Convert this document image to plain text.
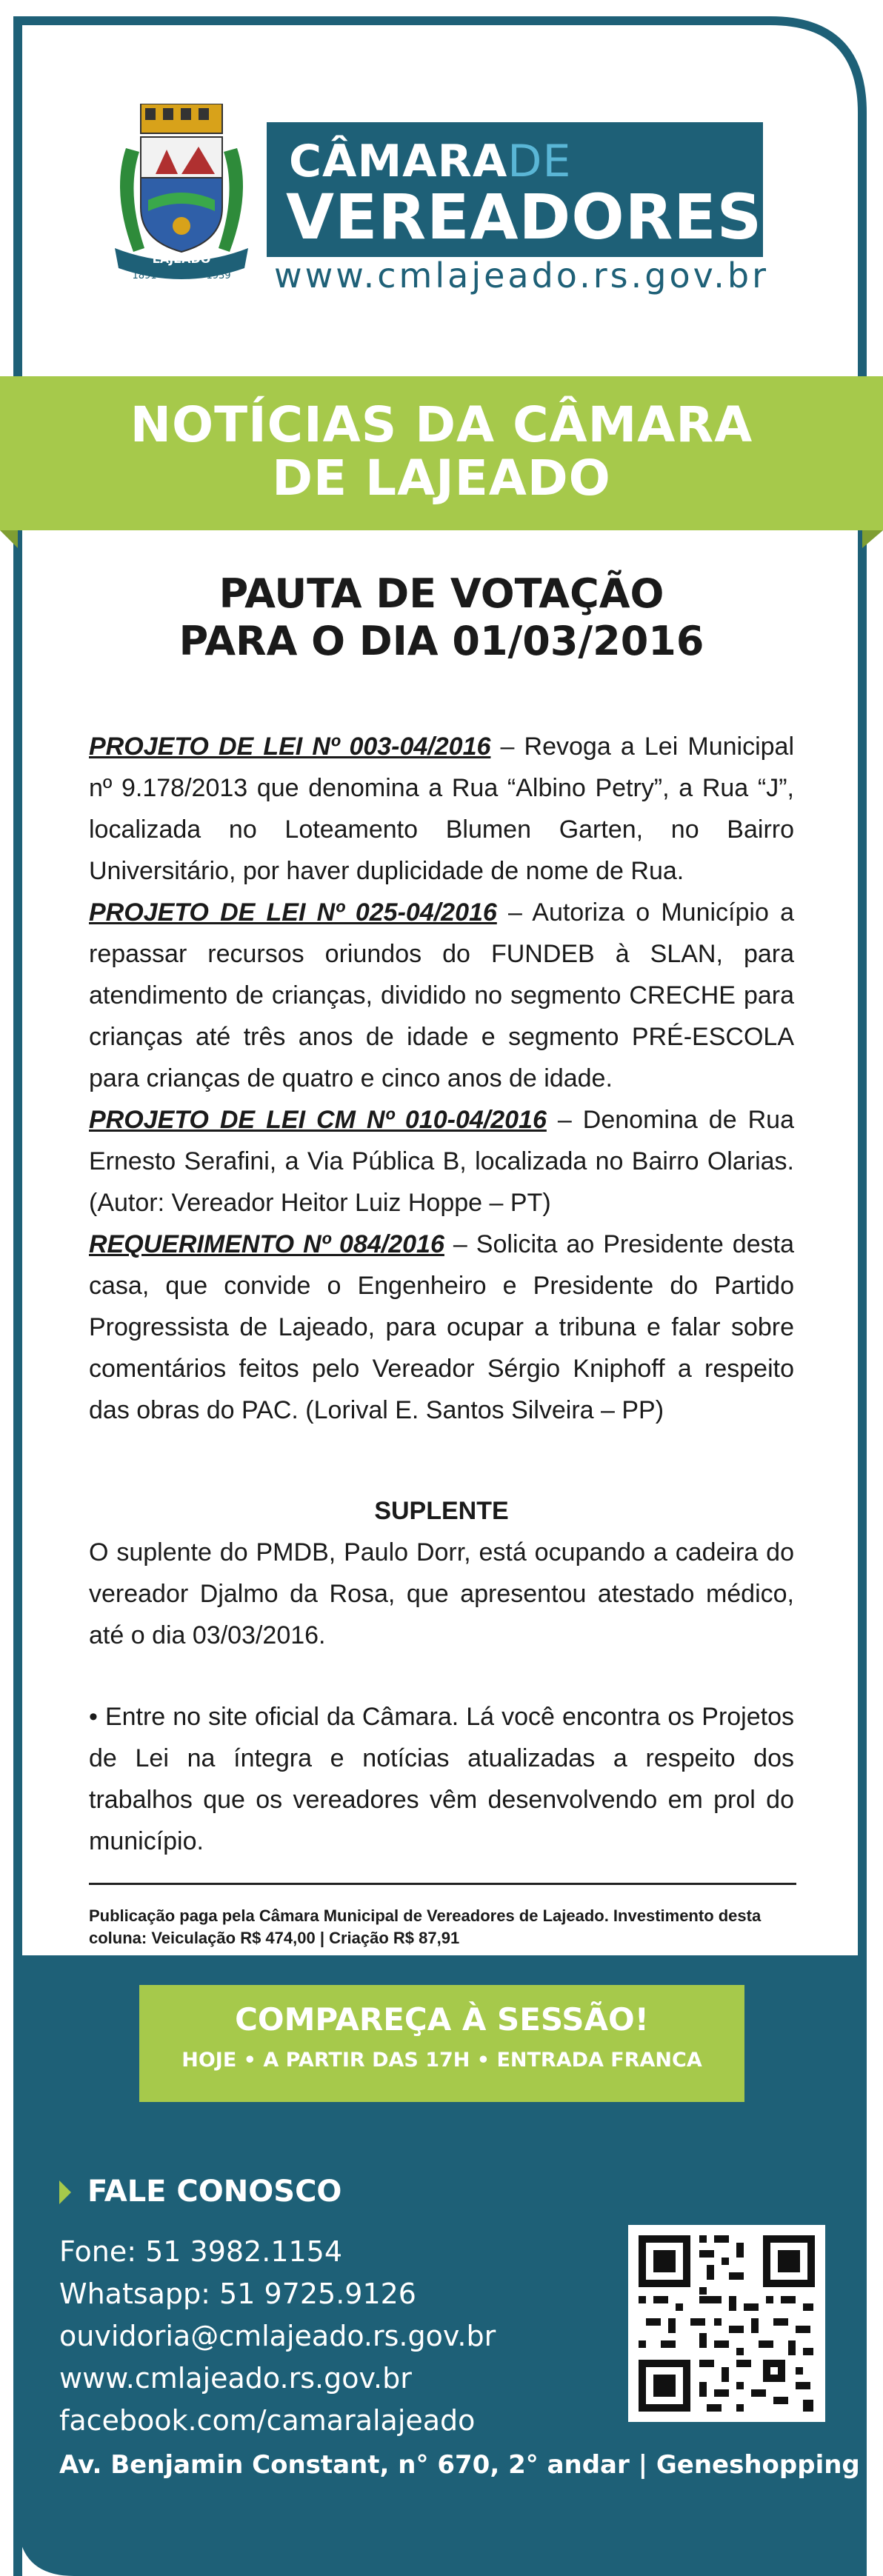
LAJEADO
1891	1939
CÂMARADE
VEREADORES
www.cmlajeado.rs.gov.br
NOTÍCIAS DA CÂMARA
DE LAJEADO
PAUTA DE VOTAÇÃO
PARA O DIA 01/03/2016

PROJETO DE LEI Nº 003-04/2016 – Revoga a Lei Municipal nº 9.178/2013 que denomina a Rua “Albino Petry”, a Rua “J”, localizada no Loteamento Blumen Garten, no Bairro Universitário, por haver duplicidade de nome de Rua.

PROJETO DE LEI Nº 025-04/2016 – Autoriza o Município a repassar recursos oriundos do FUNDEB à SLAN, para atendimento de crianças, dividido no segmento CRECHE para crianças até três anos de idade e segmento PRÉ-ESCOLA para crianças de quatro e cinco anos de idade.

PROJETO DE LEI CM Nº 010-04/2016 – Denomina de Rua Ernesto Serafini, a Via Pública B, localizada no Bairro Olarias. (Autor: Vereador Heitor Luiz Hoppe – PT)

REQUERIMENTO Nº 084/2016 – Solicita ao Presidente desta casa, que convide o Engenheiro e Presidente do Partido Progressista de Lajeado, para ocupar a tribuna e falar sobre comentários feitos pelo Vereador Sérgio Kniphoff a respeito das obras do PAC. (Lorival E. Santos Silveira – PP)

SUPLENTE

O suplente do PMDB, Paulo Dorr, está ocupando a cadeira do vereador Djalmo da Rosa, que apresentou atestado médico, até o dia 03/03/2016.

• Entre no site oficial da Câmara. Lá você encontra os Projetos de Lei na íntegra e notícias atualizadas a respeito dos trabalhos que os vereadores vêm desenvolvendo em prol do município.

Publicação paga pela Câmara Municipal de Vereadores de Lajeado. Investimento desta coluna: Veiculação R$ 474,00 | Criação R$ 87,91
COMPAREÇA À SESSÃO!
HOJE • A PARTIR DAS 17H • ENTRADA FRANCA
FALE CONOSCO
Fone: 51 3982.1154
Whatsapp: 51 9725.9126
ouvidoria@cmlajeado.rs.gov.br
www.cmlajeado.rs.gov.br
facebook.com/camaralajeado
Av. Benjamin Constant, n° 670, 2° andar | Geneshopping
